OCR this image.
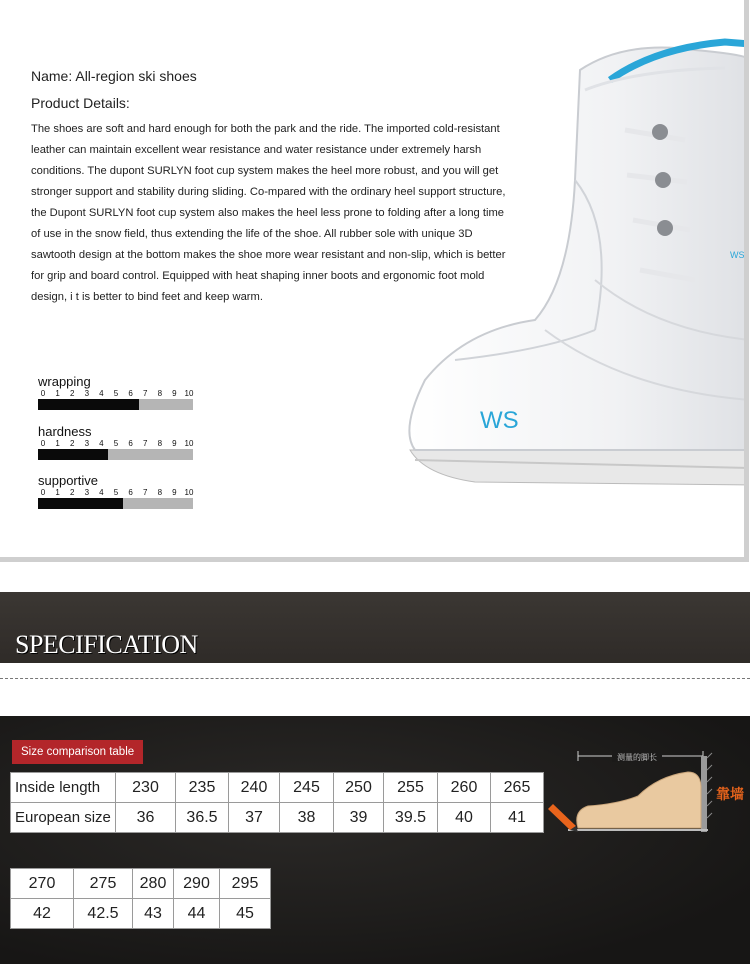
Name: All-region ski shoes
Product Details:

The shoes are soft and hard enough for both the park and the ride. The imported cold-resistant leather can maintain excellent wear resistance and water resistance under extremely harsh conditions. The dupont SURLYN foot cup system makes the heel more robust, and you will get stronger support and stability during sliding. Co-mpared with the ordinary heel support structure, the Dupont SURLYN foot cup system also makes the heel less prone to folding after a long time of use in the snow field, thus extending the life of the shoe. All rubber sole with unique 3D sawtooth design at the bottom makes the shoe more wear resistant and non-slip, which is better for grip and board control. Equipped with heat shaping inner boots and ergonomic foot mold design, i t is better to bind feet and keep warm.

wrapping
0	1	2	3	4	5	6	7	8	9 10
hardness
0	1	2	3	4	5	6	7	8	9 10
supportive
0	1	2	3	4	5	6	7	8	9 10
WS
WS
SPECIFICATION
Size comparison table
Inside length	230	235	240	245	250	255	260	265
European size	36	36.5	37	38	39	39.5	40	41
270	275	280	290	295
42	42.5	43	44	45
测量的脚长
靠墙
